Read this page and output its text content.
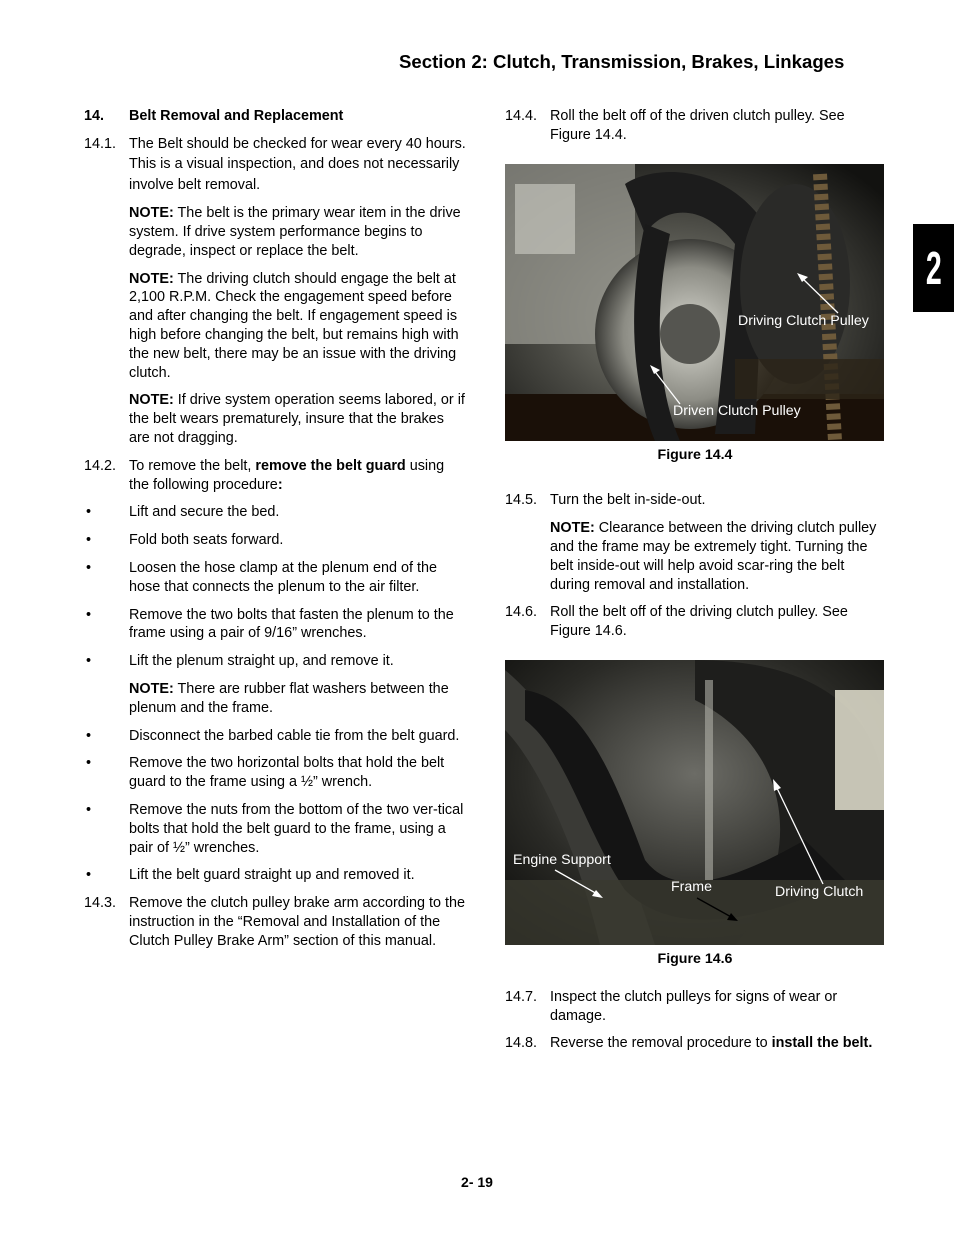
Section 2: Clutch, Transmission, Brakes, Linkages
2
14.	Belt Removal and Replacement
14.1. The Belt should be checked for wear every 40 hours. This is a visual inspection, and does not necessarily involve belt removal.
NOTE: The belt is the primary wear item in the drive system. If drive system performance begins to degrade, inspect or replace the belt.
NOTE: The driving clutch should engage the belt at 2,100 R.P.M. Check the engagement speed before and after changing the belt. If engagement speed is high before changing the belt, but remains high with the new belt, there may be an issue with the driving clutch.
NOTE: If drive system operation seems labored, or if the belt wears prematurely, insure that the brakes are not dragging.
14.2. To remove the belt, remove the belt guard using the following procedure:
•	Lift and secure the bed.
•	Fold both seats forward.
•	Loosen the hose clamp at the plenum end of the hose that connects the plenum to the air filter.
•	Remove the two bolts that fasten the plenum to the frame using a pair of 9/16” wrenches.
•	Lift the plenum straight up, and remove it.
NOTE: There are rubber flat washers between the plenum and the frame.
•	Disconnect the barbed cable tie from the belt guard.
•	Remove the two horizontal bolts that hold the belt guard to the frame using a ½” wrench.
•	Remove the nuts from the bottom of the two ver-tical bolts that hold the belt guard to the frame, using a pair of ½” wrenches.
•	Lift the belt guard straight up and removed it.
14.3. Remove the clutch pulley brake arm according to the instruction in the “Removal and Installation of the Clutch Pulley Brake Arm” section of this manual.
14.4. Roll the belt off of the driven clutch pulley. See Figure 14.4.
Driving Clutch Pulley
Driven Clutch Pulley
Figure 14.4
14.5. Turn the belt in-side-out.
NOTE: Clearance between the driving clutch pulley and the frame may be extremely tight. Turning the belt inside-out will help avoid scar-ring the belt during removal and installation.
14.6. Roll the belt off of the driving clutch pulley. See Figure 14.6.
Engine Support
Frame	Driving Clutch
Figure 14.6
14.7. Inspect the clutch pulleys for signs of wear or damage.
14.8. Reverse the removal procedure to install the belt.
2- 19
